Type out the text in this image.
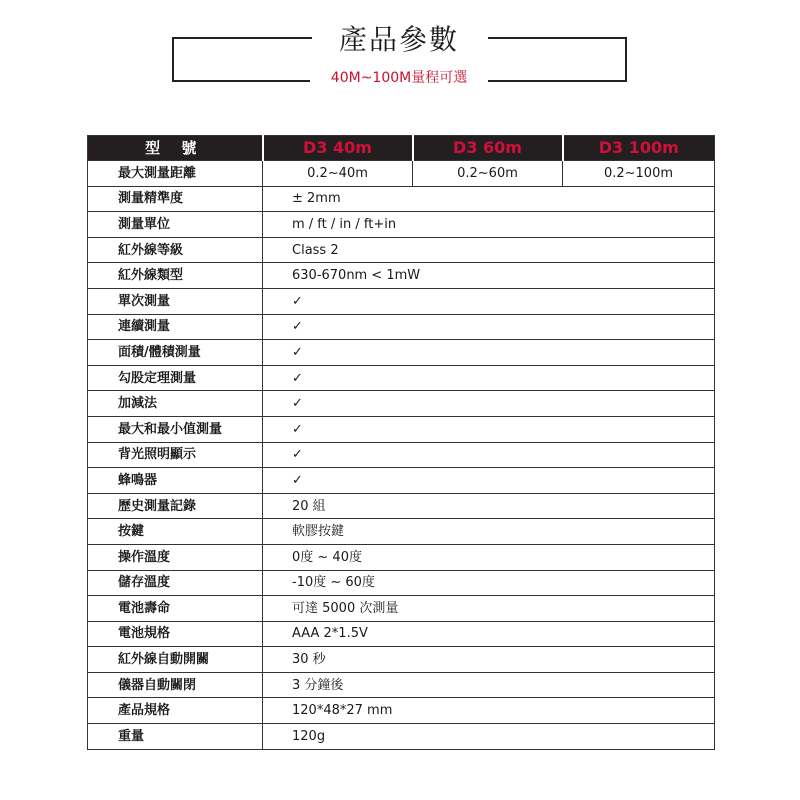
產品參數
40M~100M量程可選
型 號	D3 40m	D3 60m	D3 100m
最大測量距離	0.2~40m	0.2~60m	0.2~100m
測量精準度	± 2mm		
測量單位	m / ft / in / ft+in		
紅外線等級	Class 2		
紅外線類型	630-670nm < 1mW		
單次測量	✓		
連續測量	✓		
面積/體積測量	✓		
勾股定理測量	✓		
加減法	✓		
最大和最小值測量	✓		
背光照明顯示	✓		
蜂鳴器	✓		
歷史測量記錄	20 組		
按鍵	軟膠按鍵		
操作溫度	0度 ~ 40度		
儲存溫度	-10度 ~ 60度		
電池壽命	可達 5000 次測量		
電池規格	AAA 2*1.5V		
紅外線自動開關	30 秒		
儀器自動關閉	3 分鐘後		
產品規格	120*48*27 mm		
重量	120g		
